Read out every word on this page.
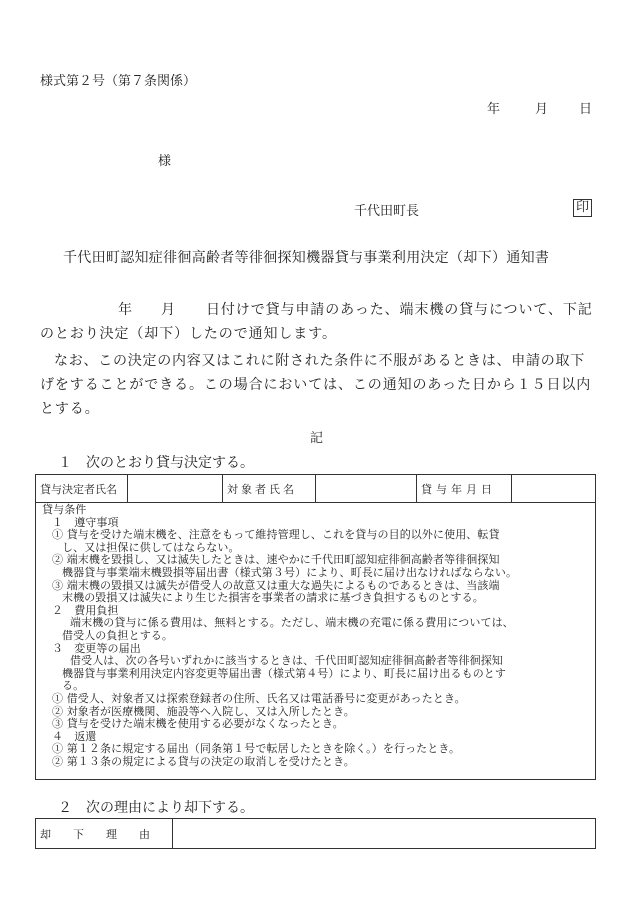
様式第２号（第７条関係）
年	月 日
様
千代田町長	印
千代田町認知症徘徊高齢者等徘徊探知機器貸与事業利用決定（却下）通知書
年 月 日付けで貸与申請のあった、端末機の貸与について、下記
のとおり決定（却下）したので通知します。
なお、この決定の内容又はこれに附された条件に不服があるときは、申請の取下
げをすることができる。この場合においては、この通知のあった日から１５日以内
とする。
記
１　次のとおり貸与決定する。
貸与決定者氏名		対象者氏名		貸与年月日	
貸与条件
１　遵守事項
① 貸与を受けた端末機を、注意をもって維持管理し、これを貸与の目的以外に使用、転貸
し、又は担保に供してはならない。
② 端末機を毀損し、又は滅失したときは、速やかに千代田町認知症徘徊高齢者等徘徊探知
機器貸与事業端末機毀損等届出書（様式第３号）により、町長に届け出なければならない。
③ 端末機の毀損又は滅失が借受人の故意又は重大な過失によるものであるときは、当該端
末機の毀損又は滅失により生じた損害を事業者の請求に基づき負担するものとする。
２　費用負担
端末機の貸与に係る費用は、無料とする。ただし、端末機の充電に係る費用については、
借受人の負担とする。
３　変更等の届出
借受人は、次の各号いずれかに該当するときは、千代田町認知症徘徊高齢者等徘徊探知
機器貸与事業利用決定内容変更等届出書（様式第４号）により、町長に届け出るものとす
る。
① 借受人、対象者又は探索登録者の住所、氏名又は電話番号に変更があったとき。
② 対象者が医療機関、施設等へ入院し、又は入所したとき。
③ 貸与を受けた端末機を使用する必要がなくなったとき。
４　返還
① 第１２条に規定する届出（同条第１号で転居したときを除く。）を行ったとき。
② 第１３条の規定による貸与の決定の取消しを受けたとき。
２　次の理由により却下する。
却　　下　　理　　由	
